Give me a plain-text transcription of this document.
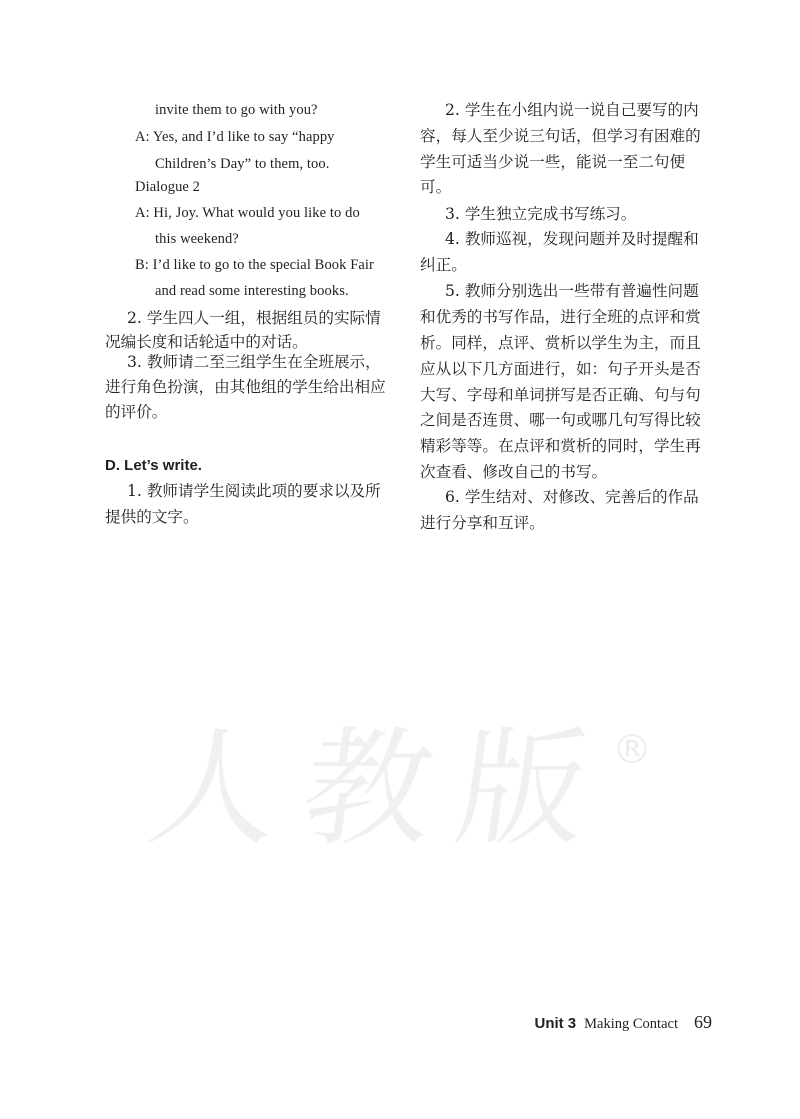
人教版
®
invite them to go with you?
A: Yes, and I’d like to say “happy
Children’s Day” to them, too.
Dialogue 2
A: Hi, Joy. What would you like to do
this weekend?
B: I’d like to go to the special Book Fair
and read some interesting books.
2. 学生四人一组，根据组员的实际情
况编长度和话轮适中的对话。
3. 教师请二至三组学生在全班展示，
进行角色扮演，由其他组的学生给出相应
的评价。
D. Let’s write.
1. 教师请学生阅读此项的要求以及所
提供的文字。
2. 学生在小组内说一说自己要写的内
容，每人至少说三句话，但学习有困难的
学生可适当少说一些，能说一至二句便
可。
3. 学生独立完成书写练习。
4. 教师巡视，发现问题并及时提醒和
纠正。
5. 教师分别选出一些带有普遍性问题
和优秀的书写作品，进行全班的点评和赏
析。同样，点评、赏析以学生为主，而且
应从以下几方面进行，如：句子开头是否
大写、字母和单词拼写是否正确、句与句
之间是否连贯、哪一句或哪几句写得比较
精彩等等。在点评和赏析的同时，学生再
次查看、修改自己的书写。
6. 学生结对、对修改、完善后的作品
进行分享和互评。
Unit 3 Making Contact 69
